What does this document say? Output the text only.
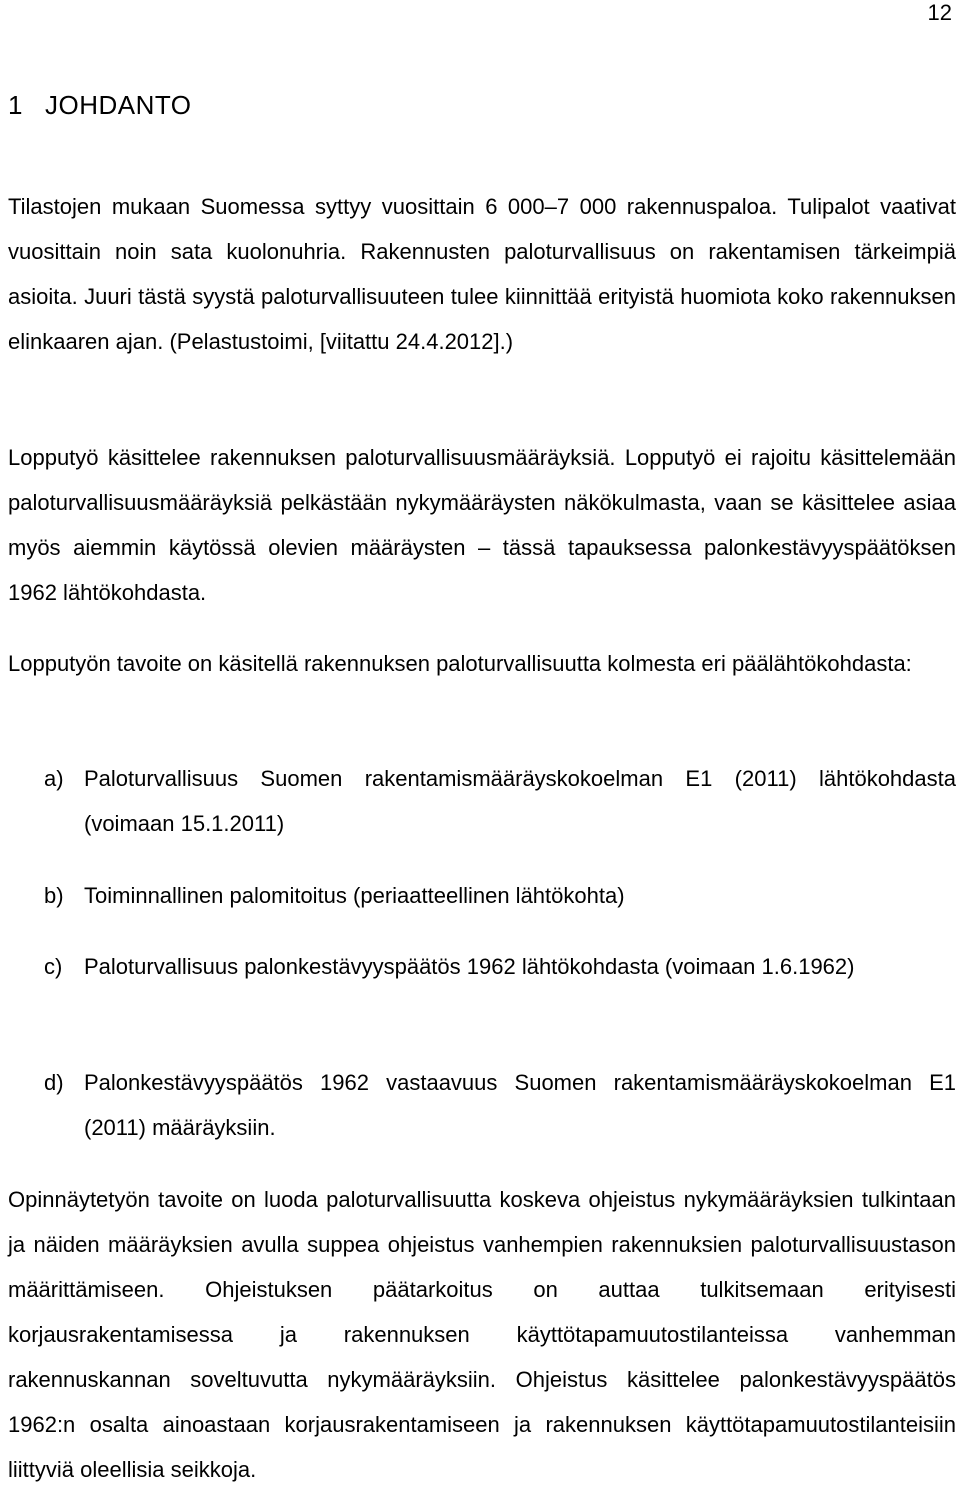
12
1 JOHDANTO

Tilastojen mukaan Suomessa syttyy vuosittain 6 000–7 000 rakennuspaloa. Tulipalot vaativat vuosittain noin sata kuolonuhria. Rakennusten paloturvallisuus on rakentamisen tärkeimpiä asioita. Juuri tästä syystä paloturvallisuuteen tulee kiinnittää erityistä huomiota koko rakennuksen elinkaaren ajan. (Pelastustoimi, [viitattu 24.4.2012].)

Lopputyö käsittelee rakennuksen paloturvallisuusmääräyksiä. Lopputyö ei rajoitu käsittelemään paloturvallisuusmääräyksiä pelkästään nykymääräysten näkökulmasta, vaan se käsittelee asiaa myös aiemmin käytössä olevien määräysten – tässä tapauksessa palonkestävyyspäätöksen 1962 lähtökohdasta.

Lopputyön tavoite on käsitellä rakennuksen paloturvallisuutta kolmesta eri päälähtökohdasta:

a) Paloturvallisuus Suomen rakentamismääräyskokoelman E1 (2011) lähtökohdasta (voimaan 15.1.2011)
b) Toiminnallinen palomitoitus (periaatteellinen lähtökohta)
c) Paloturvallisuus palonkestävyyspäätös 1962 lähtökohdasta (voimaan 1.6.1962)
d) Palonkestävyyspäätös 1962 vastaavuus Suomen rakentamismääräyskokoelman E1 (2011) määräyksiin.

Opinnäytetyön tavoite on luoda paloturvallisuutta koskeva ohjeistus nykymääräyksien tulkintaan ja näiden määräyksien avulla suppea ohjeistus vanhempien rakennuksien paloturvallisuustason määrittämiseen. Ohjeistuksen päätarkoitus on auttaa tulkitsemaan erityisesti korjausrakentamisessa ja rakennuksen käyttötapamuutostilanteissa vanhemman rakennuskannan soveltuvutta nykymääräyksiin. Ohjeistus käsittelee palonkestävyyspäätös 1962:n osalta ainoastaan korjausrakentamiseen ja rakennuksen käyttötapamuutostilanteisiin liittyviä oleellisia seikkoja.
